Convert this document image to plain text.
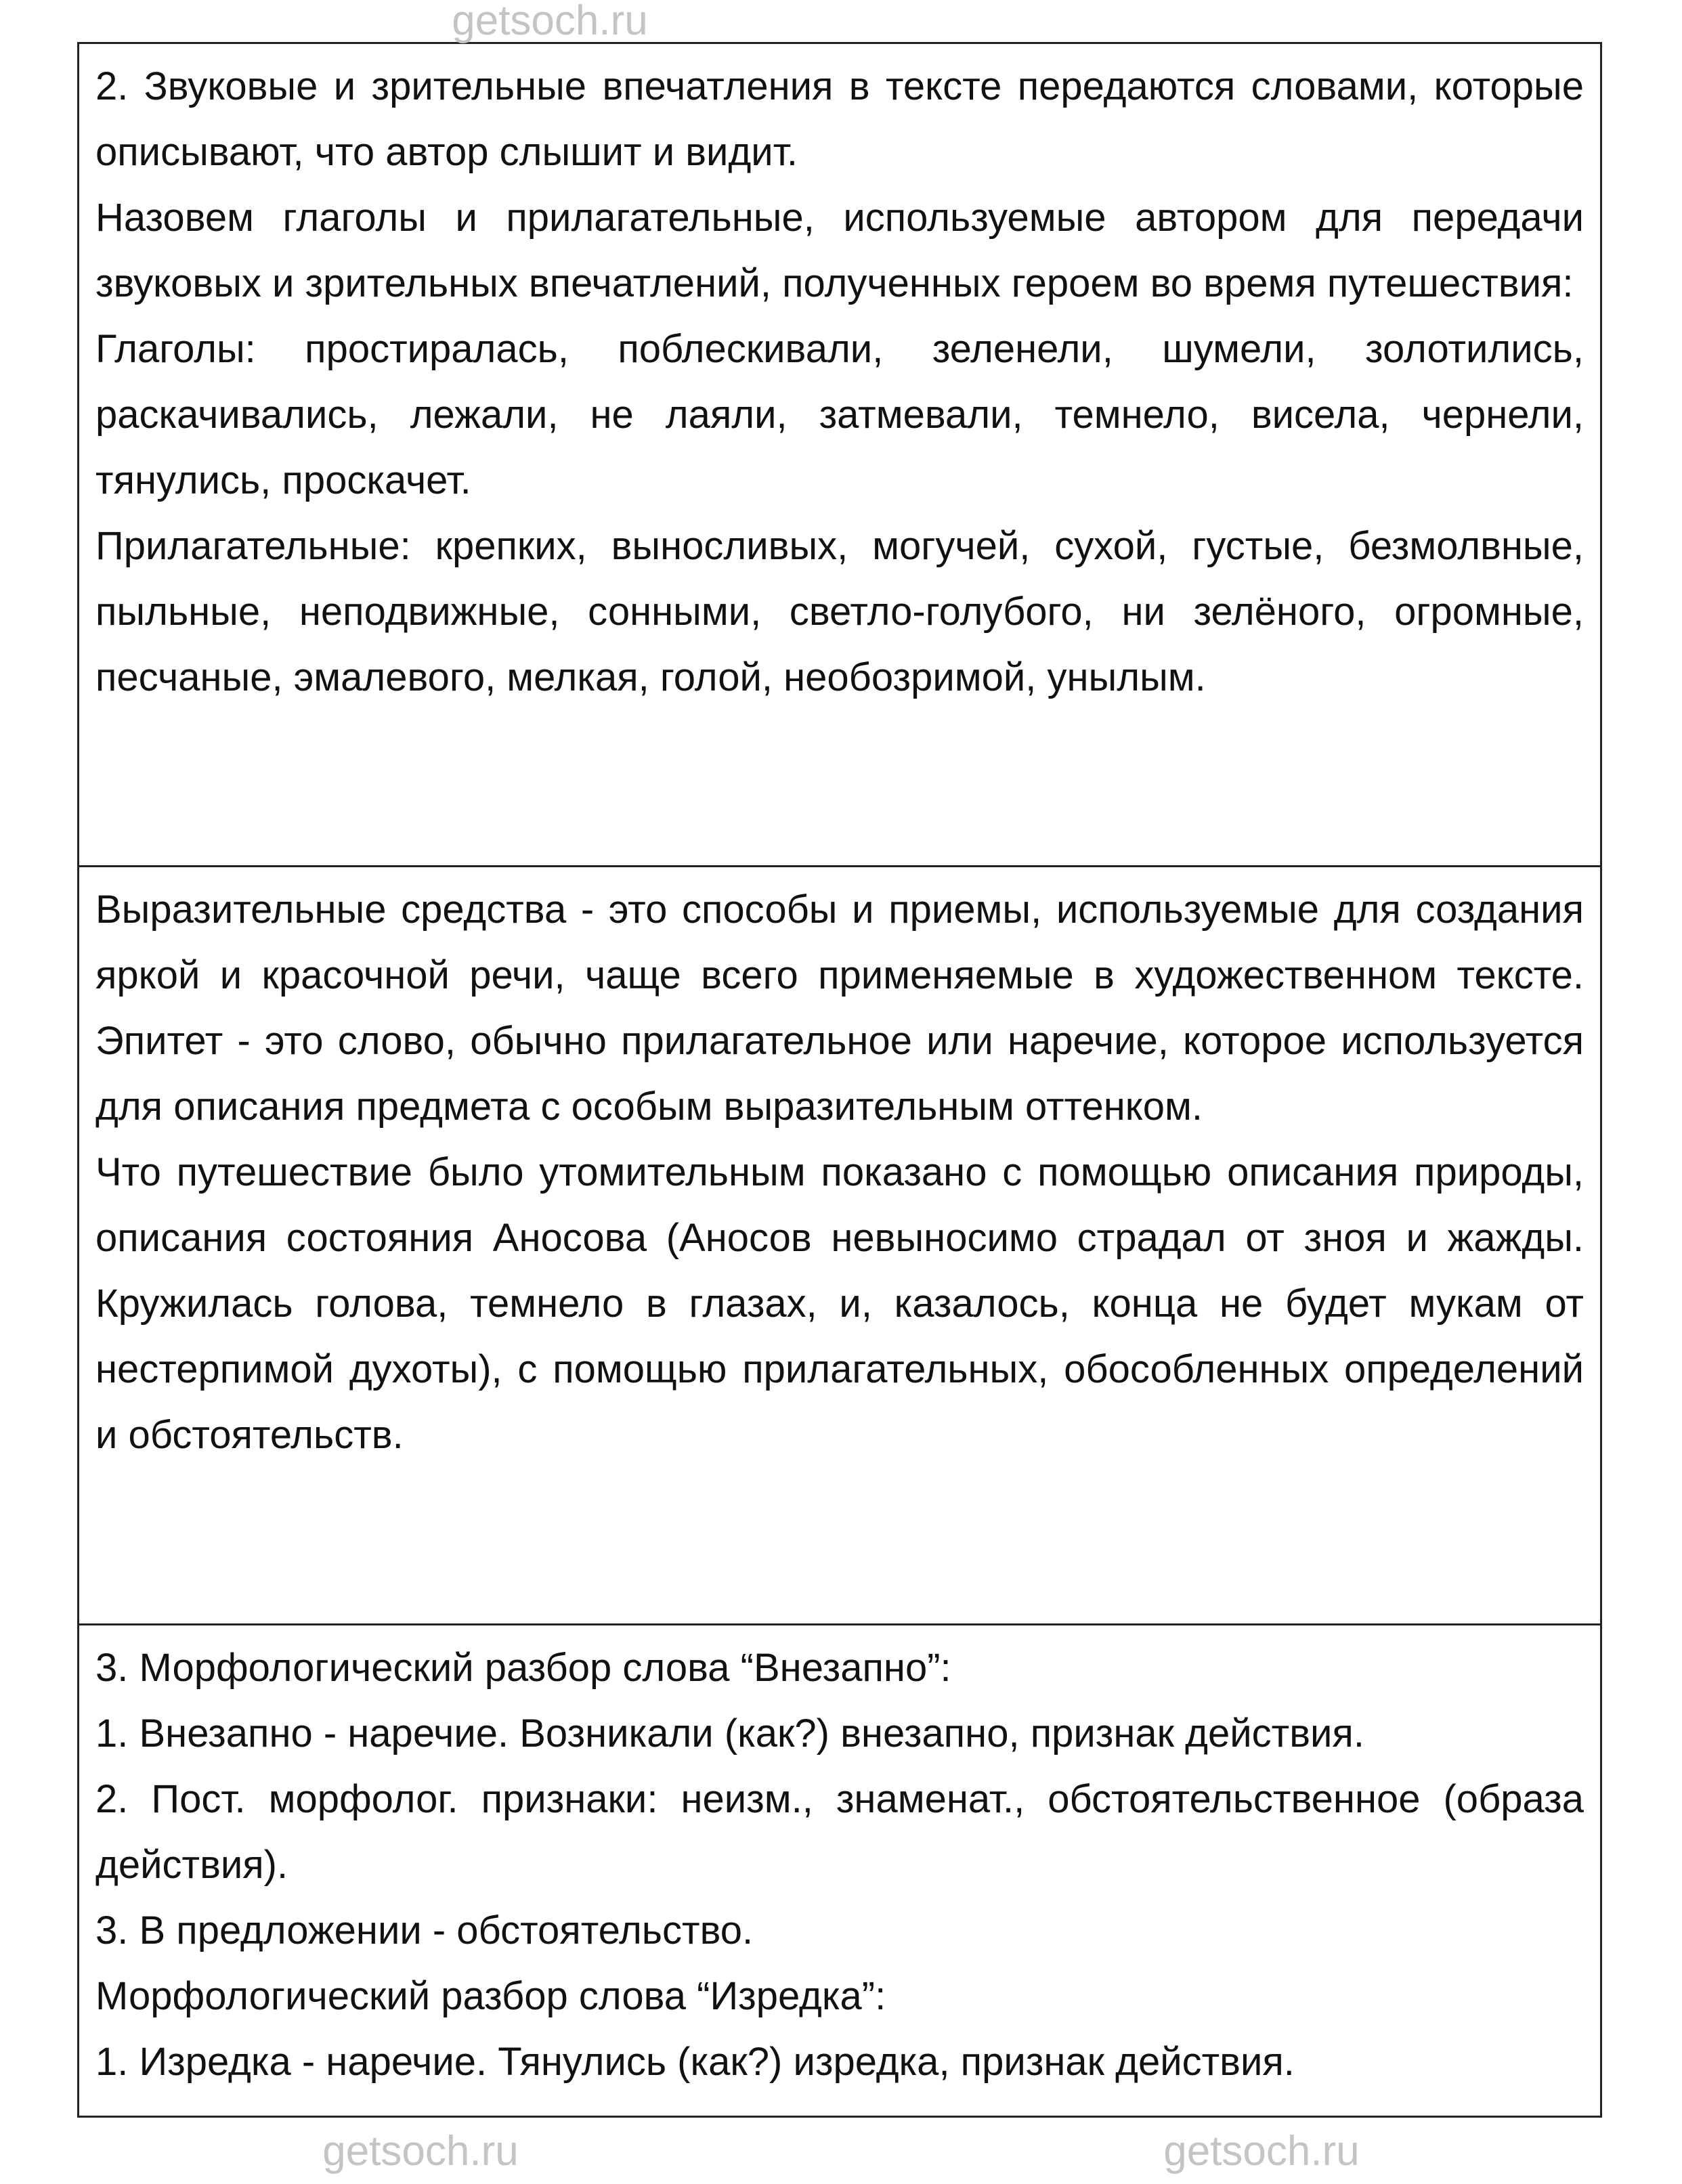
getsoch.ru

2. Звуковые и зрительные впечатления в тексте передаются словами, которые описывают, что автор слышит и видит.

Назовем глаголы и прилагательные, используемые автором для передачи звуковых и зрительных впечатлений, полученных героем во время путешествия:

Глаголы: простиралась, поблескивали, зеленели, шумели, золотились, раскачивались, лежали, не лаяли, затмевали, темнело, висела, чернели, тянулись, проскачет.

Прилагательные: крепких, выносливых, могучей, сухой, густые, безмолвные, пыльные, неподвижные, сонными, светло-голубого, ни зелёного, огромные, песчаные, эмалевого, мелкая, голой, необозримой, унылым.

Выразительные средства - это способы и приемы, используемые для создания яркой и красочной речи, чаще всего применяемые в художественном тексте. Эпитет - это слово, обычно прилагательное или наречие, которое используется для описания предмета с особым выразительным оттенком.

Что путешествие было утомительным показано с помощью описания природы, описания состояния Аносова (Аносов невыносимо страдал от зноя и жажды. Кружилась голова, темнело в глазах, и, казалось, конца не будет мукам от нестерпимой духоты), с помощью прилагательных, обособленных определений и обстоятельств.

3. Морфологический разбор слова “Внезапно”:

1. Внезапно - наречие. Возникали (как?) внезапно, признак действия.

2. Пост. морфолог. признаки: неизм., знаменат., обстоятельственное (образа действия).

3. В предложении - обстоятельство.

Морфологический разбор слова “Изредка”:

1. Изредка - наречие. Тянулись (как?) изредка, признак действия.

getsoch.ru	getsoch.ru
